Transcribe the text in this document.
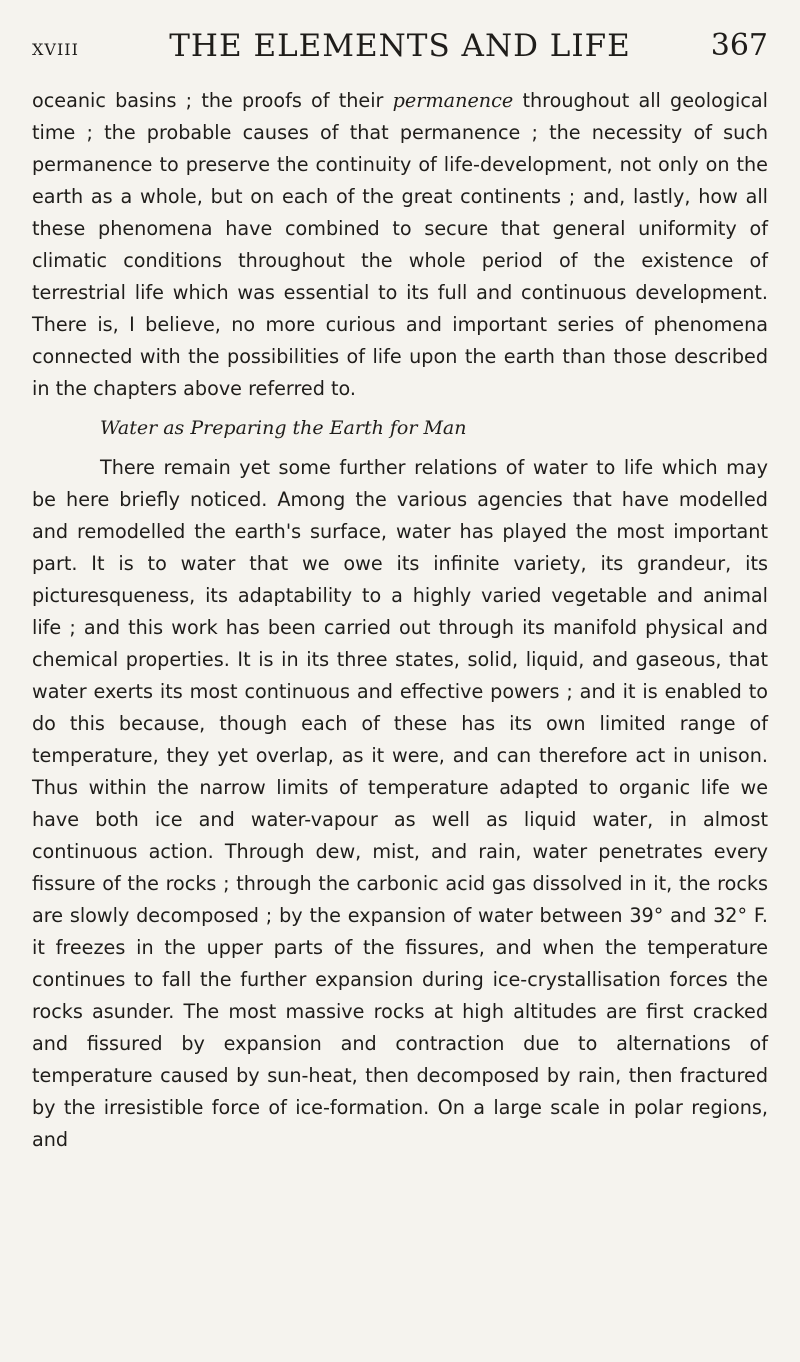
XVIII	THE ELEMENTS AND LIFE	367

oceanic basins ; the proofs of their permanence throughout all geological time ; the probable causes of that permanence ; the necessity of such permanence to preserve the continuity of life-development, not only on the earth as a whole, but on each of the great continents ; and, lastly, how all these phenomena have combined to secure that general uniformity of climatic conditions throughout the whole period of the existence of terrestrial life which was essential to its full and continuous development. There is, I believe, no more curious and important series of phenomena connected with the possibilities of life upon the earth than those described in the chapters above referred to.

Water as Preparing the Earth for Man

There remain yet some further relations of water to life which may be here briefly noticed. Among the various agencies that have modelled and remodelled the earth's surface, water has played the most important part. It is to water that we owe its infinite variety, its grandeur, its picturesqueness, its adaptability to a highly varied vegetable and animal life ; and this work has been carried out through its manifold physical and chemical properties. It is in its three states, solid, liquid, and gaseous, that water exerts its most continuous and effective powers ; and it is enabled to do this because, though each of these has its own limited range of temperature, they yet overlap, as it were, and can therefore act in unison. Thus within the narrow limits of temperature adapted to organic life we have both ice and water-vapour as well as liquid water, in almost continuous action. Through dew, mist, and rain, water penetrates every fissure of the rocks ; through the carbonic acid gas dissolved in it, the rocks are slowly decomposed ; by the expansion of water between 39° and 32° F. it freezes in the upper parts of the fissures, and when the temperature continues to fall the further expansion during ice-crystallisation forces the rocks asunder. The most massive rocks at high altitudes are first cracked and fissured by expansion and contraction due to alternations of temperature caused by sun-heat, then decomposed by rain, then fractured by the irresistible force of ice-formation. On a large scale in polar regions, and
